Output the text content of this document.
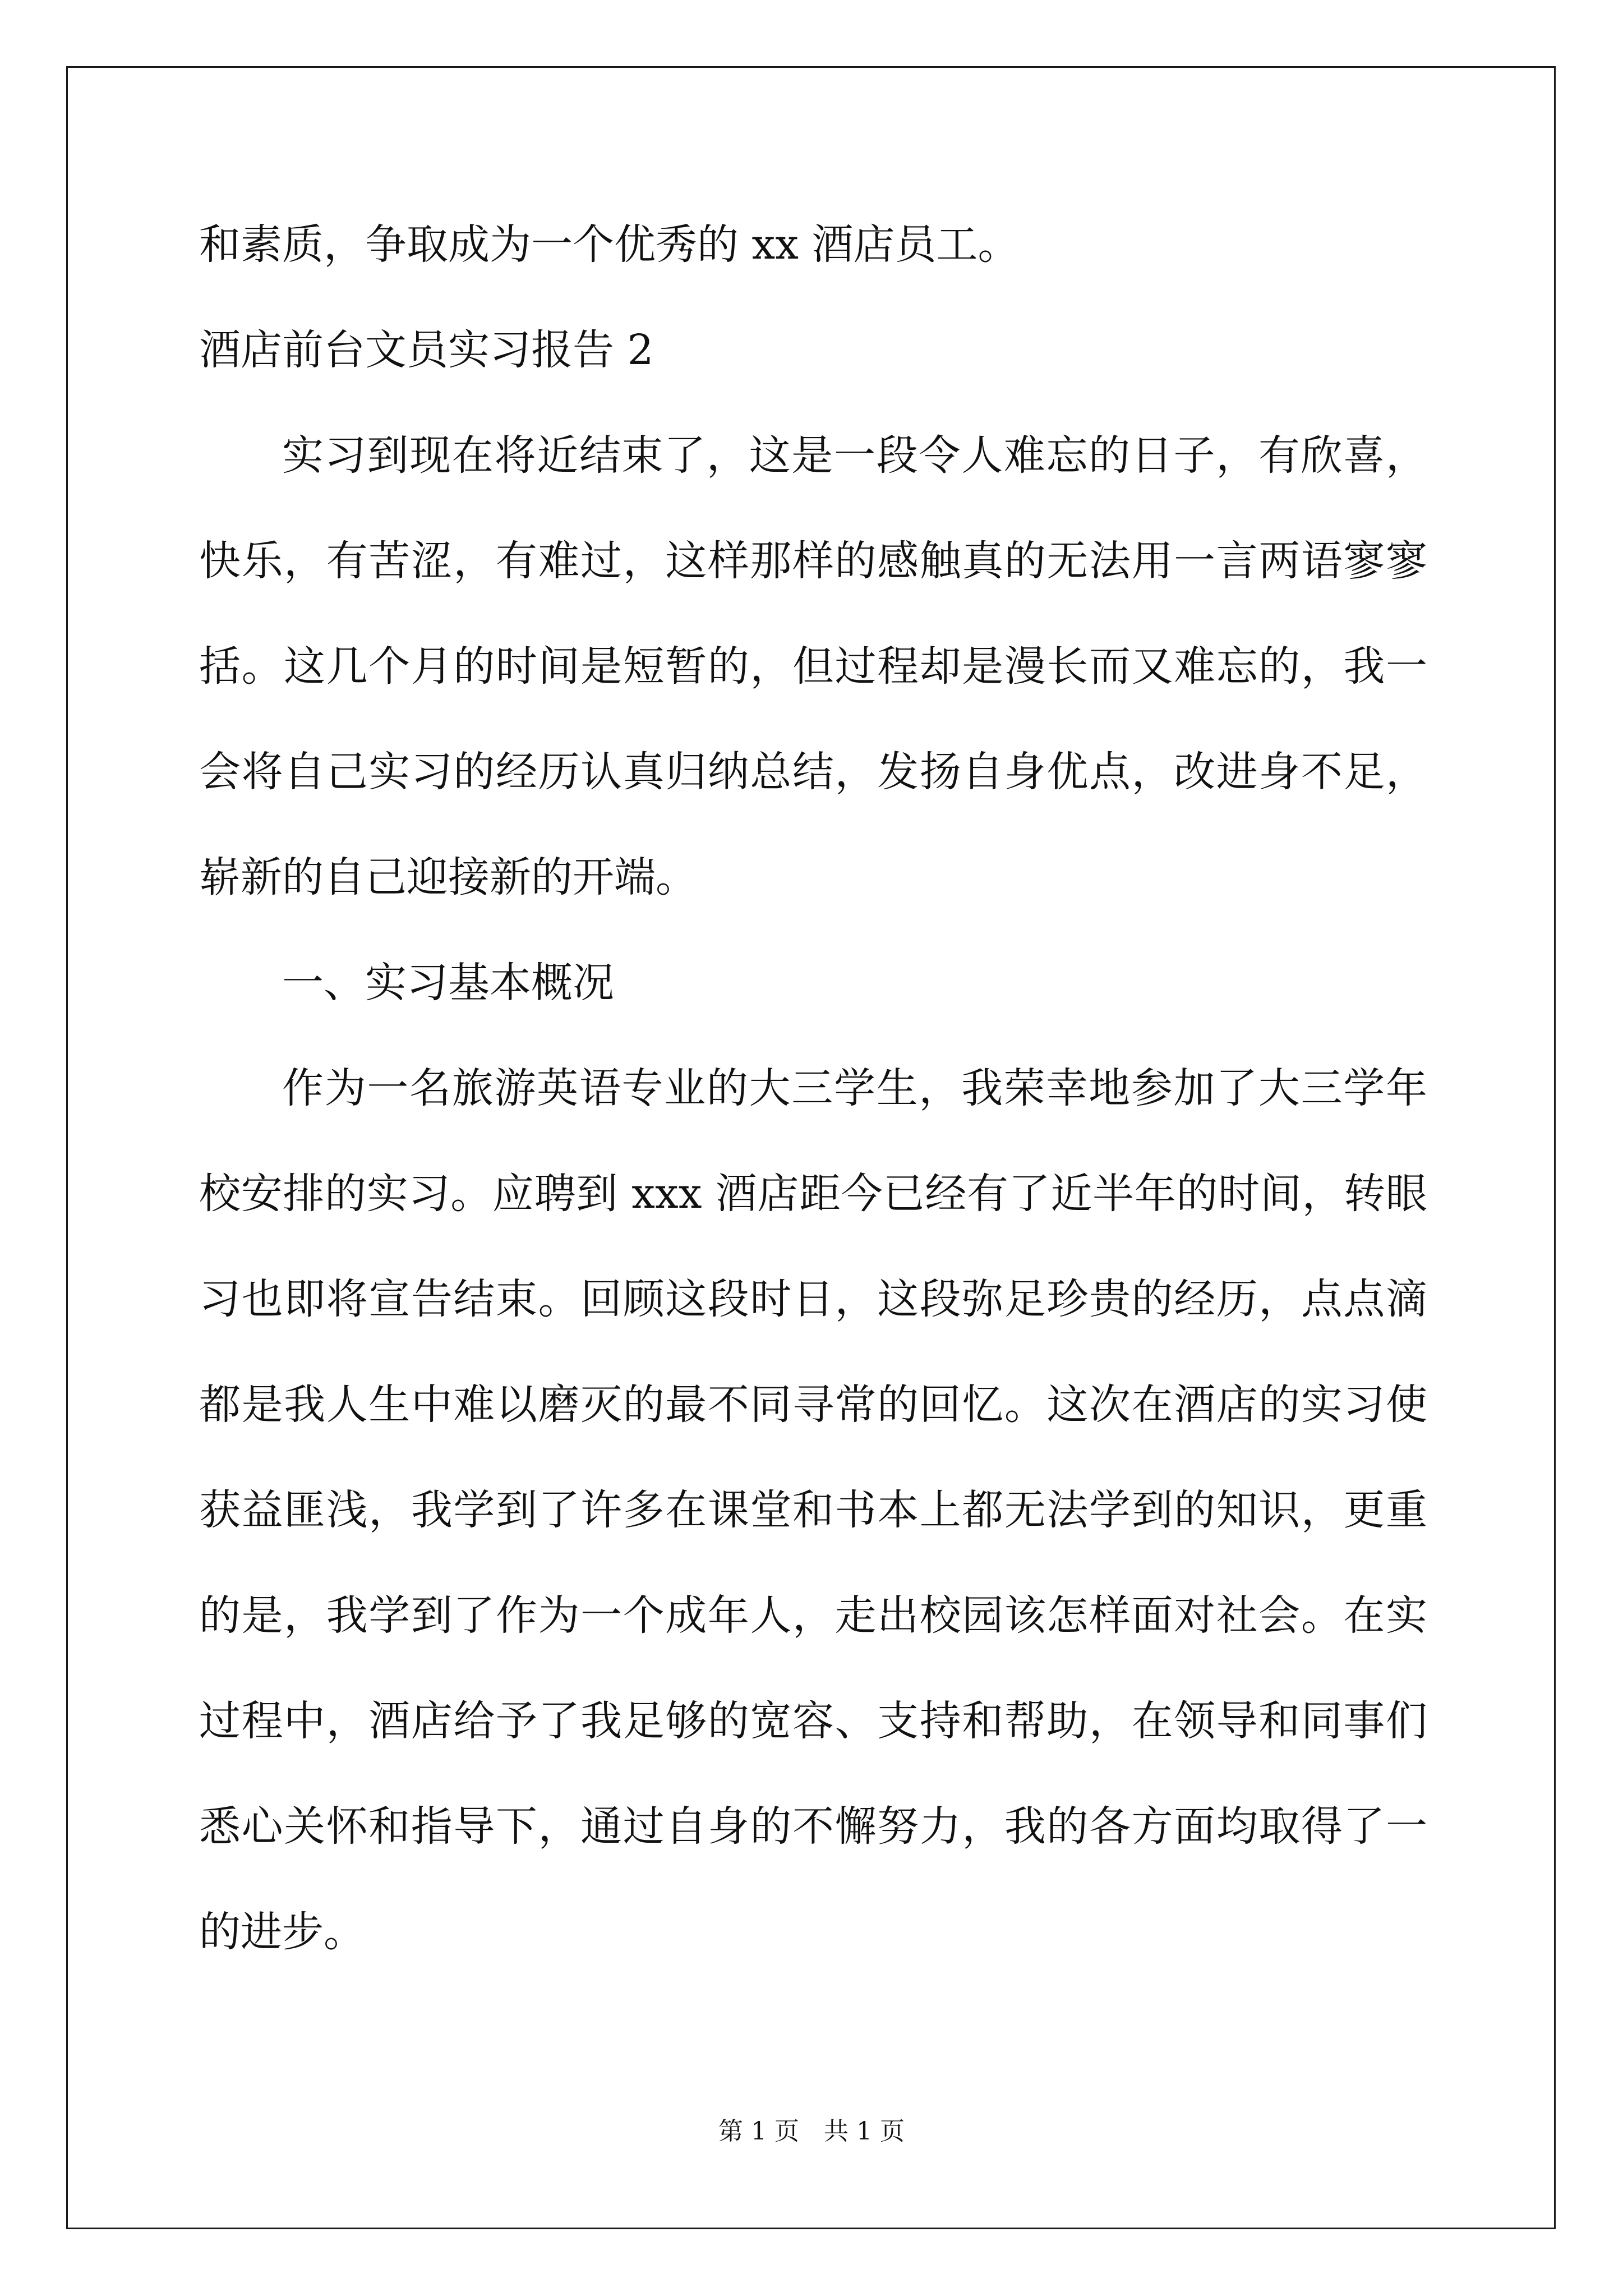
和素质，争取成为一个优秀的 xx 酒店员工。
酒店前台文员实习报告 2
实习到现在将近结束了，这是一段令人难忘的日子，有欣喜，
快乐，有苦涩，有难过，这样那样的感触真的无法用一言两语寥寥
括。这几个月的时间是短暂的，但过程却是漫长而又难忘的，我一
会将自己实习的经历认真归纳总结，发扬自身优点，改进身不足，
崭新的自己迎接新的开端。
一、实习基本概况
作为一名旅游英语专业的大三学生，我荣幸地参加了大三学年
校安排的实习。应聘到 xxx 酒店距今已经有了近半年的时间，转眼
习也即将宣告结束。回顾这段时日，这段弥足珍贵的经历，点点滴
都是我人生中难以磨灭的最不同寻常的回忆。这次在酒店的实习使
获益匪浅，我学到了许多在课堂和书本上都无法学到的知识，更重
的是，我学到了作为一个成年人，走出校园该怎样面对社会。在实
过程中，酒店给予了我足够的宽容、支持和帮助，在领导和同事们
悉心关怀和指导下，通过自身的不懈努力，我的各方面均取得了一
的进步。
第 1 页　共 1 页
